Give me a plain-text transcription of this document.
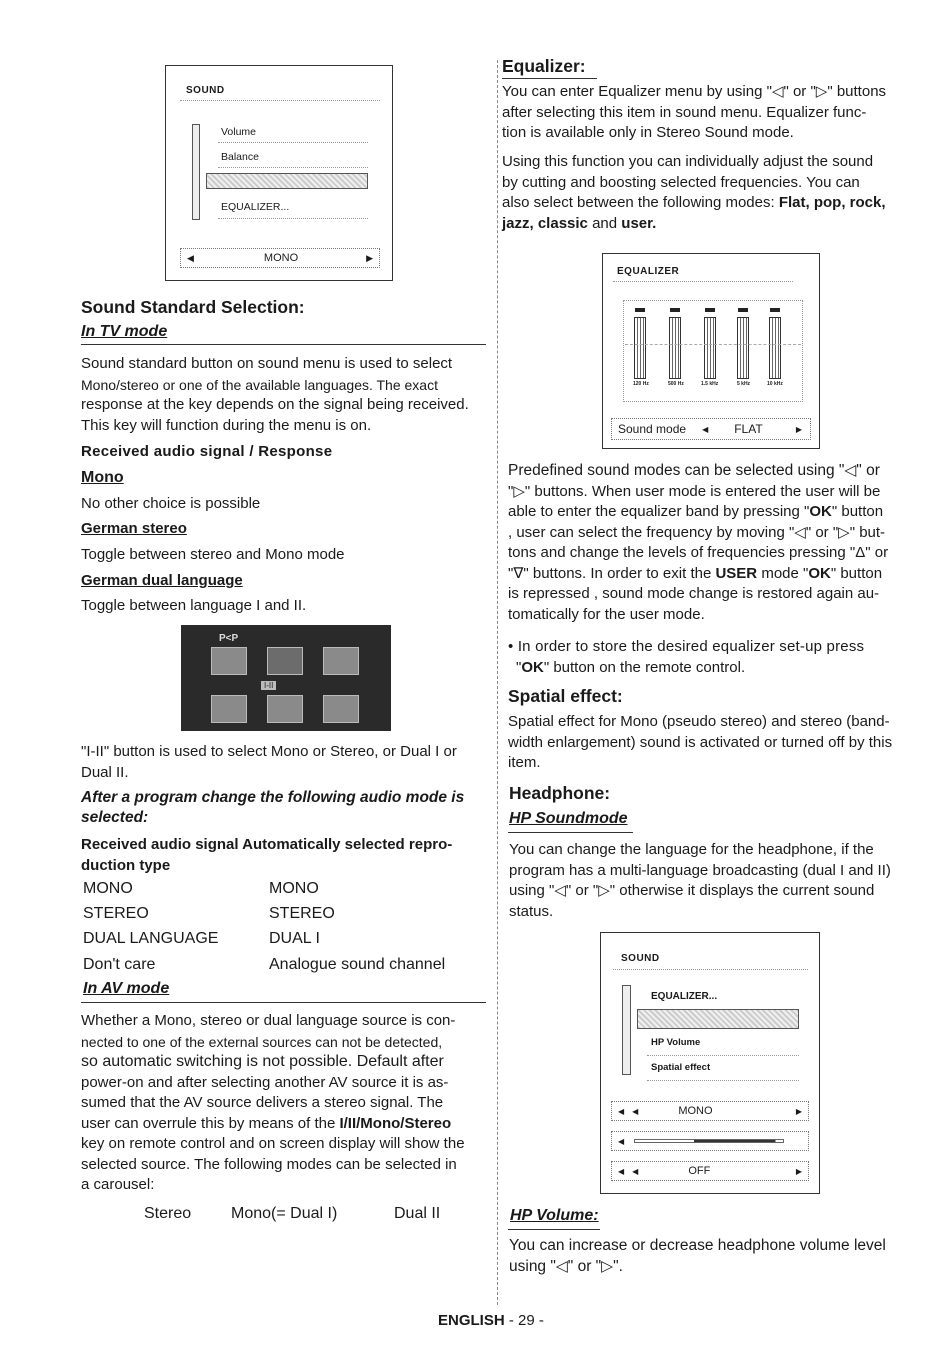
SOUND
Volume
Balance
EQUALIZER...
◀	MONO	▶
Sound Standard Selection:
In TV mode
Sound standard button on sound menu is used to select
Mono/stereo or one of the available languages. The exact
response at the key depends on the signal being received.
This key will function during the menu is on.
Received audio signal / Response
Mono
No other choice is possible
German stereo
Toggle between stereo and Mono mode
German dual language
Toggle between language I and II.
P<P
I-II
"I-II" button is used to select Mono or Stereo, or Dual I or
Dual II.
After a program change the following audio mode is
selected:
Received audio signal Automatically selected repro-
duction type
MONO	MONO
STEREO	STEREO
DUAL LANGUAGE	DUAL I
Don't care	Analogue sound channel
In AV mode
Whether a Mono, stereo or dual language source is con-
nected to one of the external sources can not be detected,
so automatic switching is not possible. Default after
power-on and after selecting another AV source it is as-
sumed that the AV source delivers a stereo signal. The
user can overrule this by means of the I/II/Mono/Stereo
key on remote control and on screen display will show the
selected source. The following modes can be selected in
a carousel:
Stereo Mono(= Dual I)	Dual II
Equalizer:
You can enter Equalizer menu by using "◁" or "▷" buttons
after selecting this item in sound menu. Equalizer func-
tion is available only in Stereo Sound mode.
Using this function you can individually adjust the sound
by cutting and boosting selected frequencies. You can
also select between the following modes: Flat, pop, rock,
jazz, classic and user.
EQUALIZER
120 Hz	500 Hz	1.5 kHz	5 kHz	10 kHz
Sound mode ◀ FLAT	▶
Predefined sound modes can be selected using "◁" or
"▷" buttons. When user mode is entered the user will be
able to enter the equalizer band by pressing "OK" button
, user can select the frequency by moving "◁" or "▷" but-
tons and change the levels of frequencies pressing "Δ" or
"∇" buttons. In order to exit the USER mode "OK" button
is repressed , sound mode change is restored again au-
tomatically for the user mode.
• In order to store the desired equalizer set-up press
"OK" button on the remote control.
Spatial effect:
Spatial effect for Mono (pseudo stereo) and stereo (band-
width enlargement) sound is activated or turned off by this
item.
Headphone:
HP Soundmode
You can change the language for the headphone, if the
program has a multi-language broadcasting (dual I and II)
using "◁" or "▷" otherwise it displays the current sound
status.
SOUND
EQUALIZER...
HP Volume
Spatial effect
◀ ◀	MONO	▶
◀
◀ ◀	OFF	▶
HP Volume:
You can increase or decrease headphone volume level
using "◁" or "▷".
ENGLISH - 29 -
